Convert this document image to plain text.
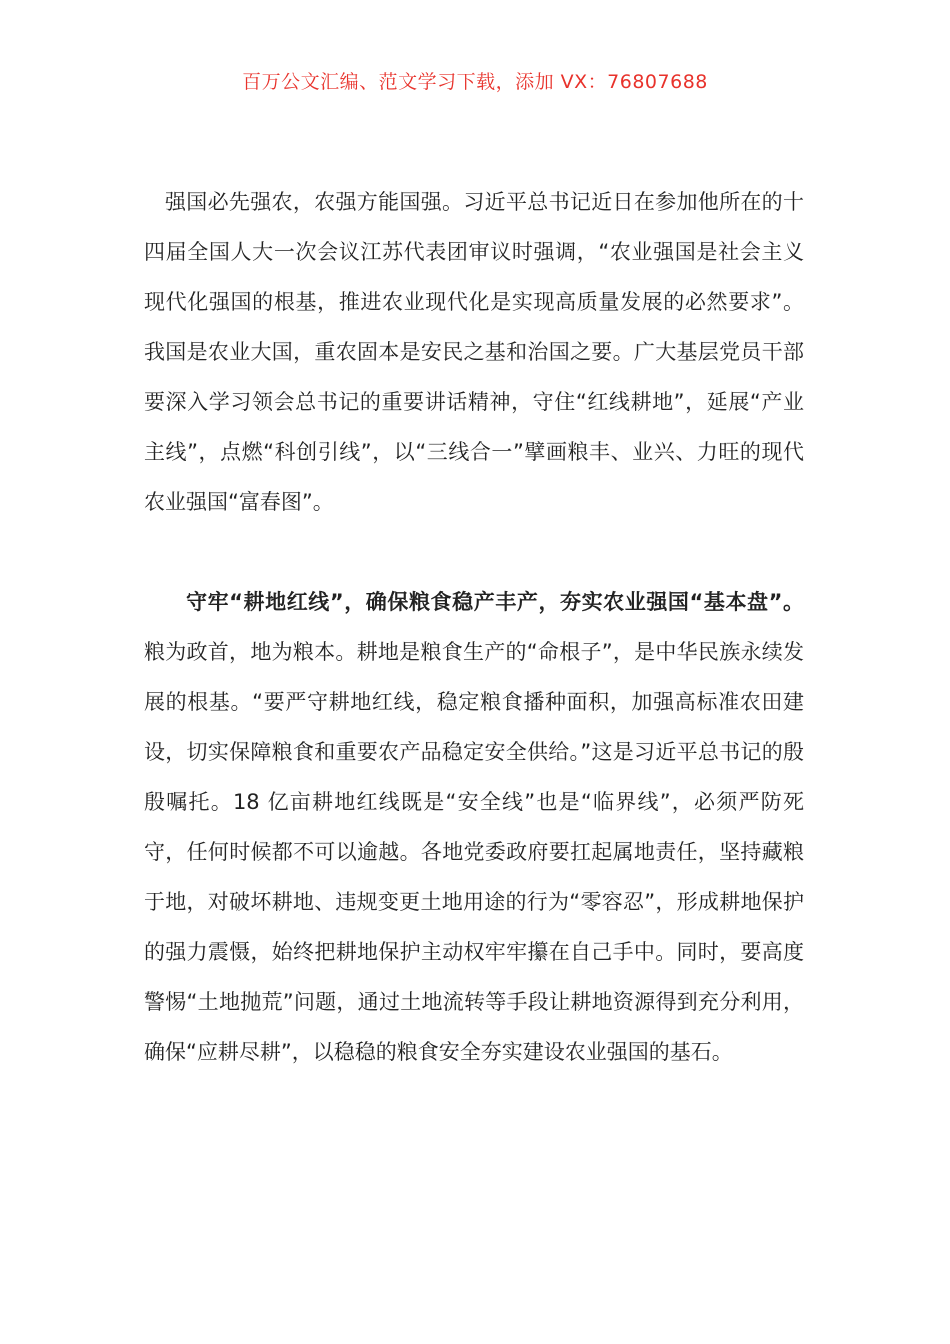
百万公文汇编、范文学习下载，添加 VX：76807688

强国必先强农，农强方能国强。习近平总书记近日在参加他所在的十四届全国人大一次会议江苏代表团审议时强调，“农业强国是社会主义现代化强国的根基，推进农业现代化是实现高质量发展的必然要求”。我国是农业大国，重农固本是安民之基和治国之要。广大基层党员干部要深入学习领会总书记的重要讲话精神，守住“红线耕地”，延展“产业主线”，点燃“科创引线”，以“三线合一”擘画粮丰、业兴、力旺的现代农业强国“富春图”。

守牢“耕地红线”，确保粮食稳产丰产，夯实农业强国“基本盘”。粮为政首，地为粮本。耕地是粮食生产的“命根子”，是中华民族永续发展的根基。“要严守耕地红线，稳定粮食播种面积，加强高标准农田建设，切实保障粮食和重要农产品稳定安全供给。”这是习近平总书记的殷殷嘱托。18 亿亩耕地红线既是“安全线”也是“临界线”，必须严防死守，任何时候都不可以逾越。各地党委政府要扛起属地责任，坚持藏粮于地，对破坏耕地、违规变更土地用途的行为“零容忍”，形成耕地保护的强力震慑，始终把耕地保护主动权牢牢攥在自己手中。同时，要高度警惕“土地抛荒”问题，通过土地流转等手段让耕地资源得到充分利用，确保“应耕尽耕”，以稳稳的粮食安全夯实建设农业强国的基石。
